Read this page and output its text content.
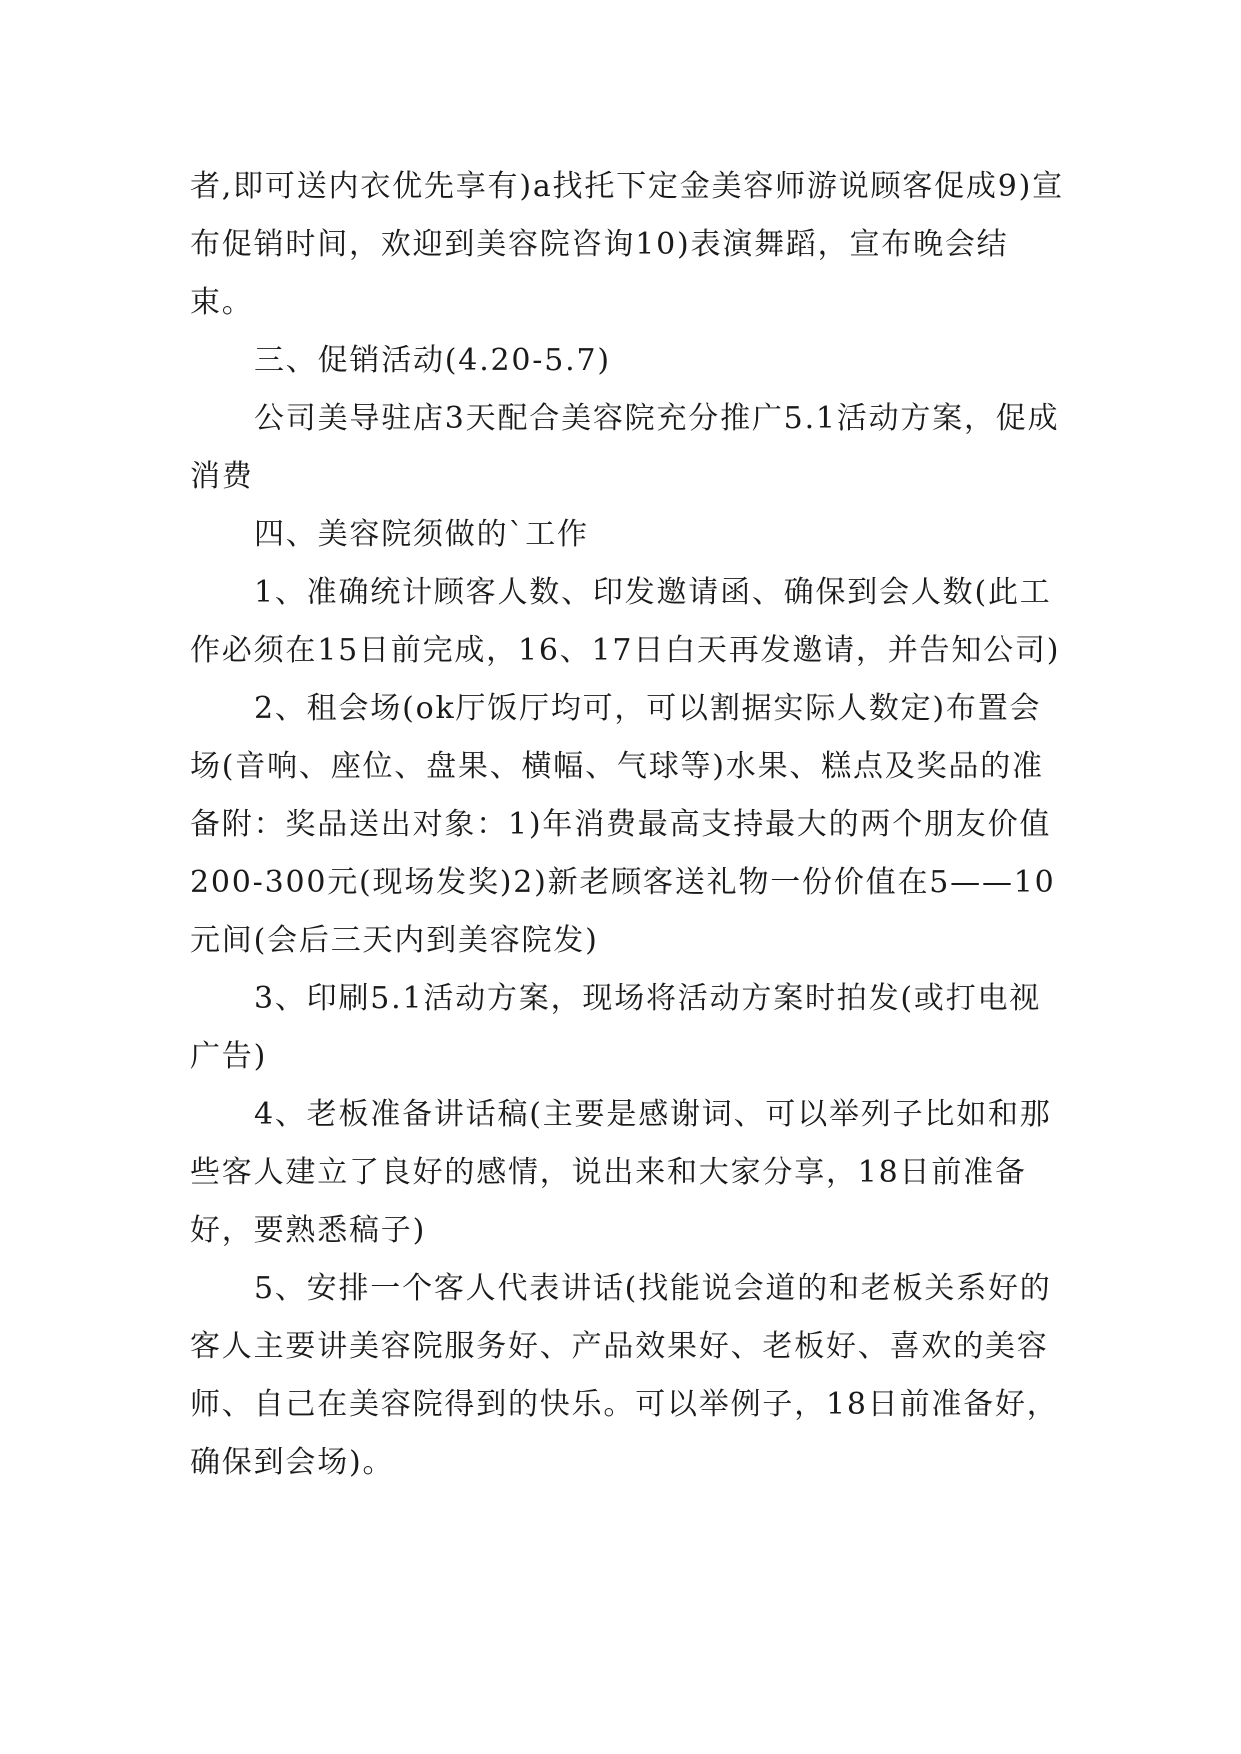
者,即可送内衣优先享有)a找托下定金美容师游说顾客促成9)宣布促销时间，欢迎到美容院咨询10)表演舞蹈，宣布晚会结束。

三、促销活动(4.20-5.7)

公司美导驻店3天配合美容院充分推广5.1活动方案，促成消费

四、美容院须做的`工作

1、准确统计顾客人数、印发邀请函、确保到会人数(此工作必须在15日前完成，16、17日白天再发邀请，并告知公司)

2、租会场(ok厅饭厅均可，可以割据实际人数定)布置会场(音响、座位、盘果、横幅、气球等)水果、糕点及奖品的准备附：奖品送出对象：1)年消费最高支持最大的两个朋友价值200-300元(现场发奖)2)新老顾客送礼物一份价值在5——10元间(会后三天内到美容院发)

3、印刷5.1活动方案，现场将活动方案时拍发(或打电视广告)

4、老板准备讲话稿(主要是感谢词、可以举列子比如和那些客人建立了良好的感情，说出来和大家分享，18日前准备好，要熟悉稿子)

5、安排一个客人代表讲话(找能说会道的和老板关系好的客人主要讲美容院服务好、产品效果好、老板好、喜欢的美容师、自己在美容院得到的快乐。可以举例子，18日前准备好，确保到会场)。
